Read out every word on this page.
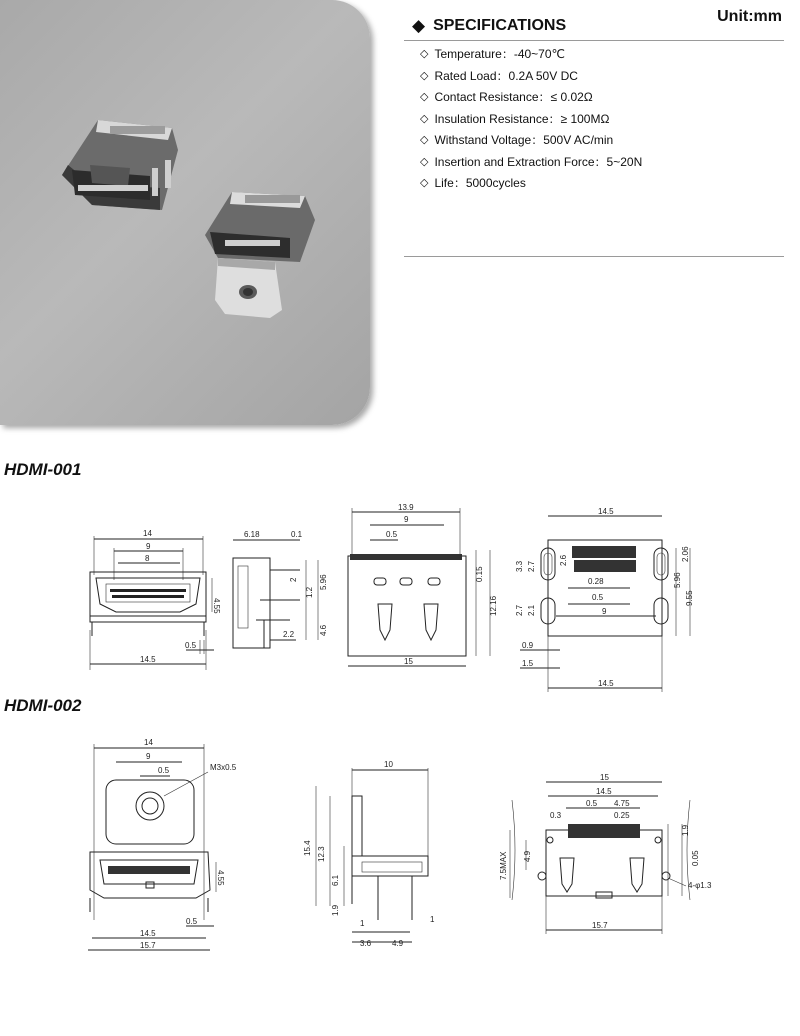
◆ SPECIFICATIONS
Unit:mm
◇ Temperature：-40~70℃
◇ Rated Load：0.2A 50V DC
◇ Contact Resistance：≤ 0.02Ω
◇ Insulation Resistance：≥ 100MΩ
◇ Withstand Voltage：500V AC/min
◇ Insertion and Extraction Force：5~20N
◇ Life：5000cycles
HDMI-001
14
9
8
4.55
0.5
14.5
6.18	0.1
2
1.2
5.96
4.6
2.2
13.9
9
0.5
0.15
12.16
15
14.5
3.3 2.7
2.6
0.28
0.5
2.7 2.1	9
2.06
5.96
9.55
0.9
1.5
14.5
HDMI-002
14
9
0.5	M3x0.5
4.55
0.5
14.5
15.7
10
15.4 12.3
6.1
1.9
1	1
3.6	4.9
15
14.5
0.5 4.75
0.3	0.25
1.9
0.05
4-φ1.3
4.9
7.5MAX
15.7
